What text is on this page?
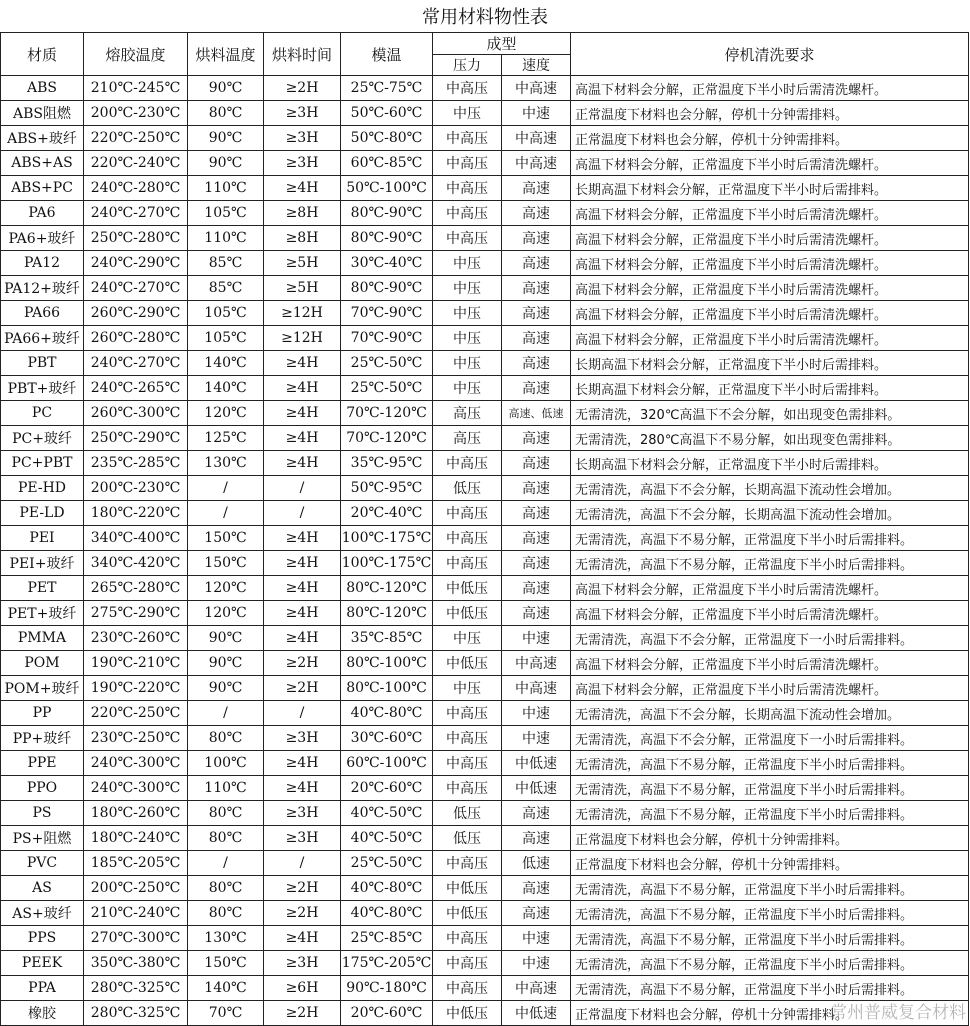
常用材料物性表
材质	熔胶温度	烘料温度	烘料时间	模温	成型		停机清洗要求
					压力	速度	
ABS	210℃-245℃	90℃	≥2H	25℃-75℃	中高压	中高速	高温下材料会分解，正常温度下半小时后需清洗螺杆。
ABS阻燃	200℃-230℃	80℃	≥3H	50℃-60℃	中压	中速	正常温度下材料也会分解，停机十分钟需排料。
ABS+玻纤	220℃-250℃	90℃	≥3H	50℃-80℃	中高压	中高速	正常温度下材料也会分解，停机十分钟需排料。
ABS+AS	220℃-240℃	90℃	≥3H	60℃-85℃	中高压	中高速	高温下材料会分解，正常温度下半小时后需清洗螺杆。
ABS+PC	240℃-280℃	110℃	≥4H	50℃-100℃	中高压	高速	长期高温下材料会分解，正常温度下半小时后需排料。
PA6	240℃-270℃	105℃	≥8H	80℃-90℃	中高压	高速	高温下材料会分解，正常温度下半小时后需清洗螺杆。
PA6+玻纤	250℃-280℃	110℃	≥8H	80℃-90℃	中高压	高速	高温下材料会分解，正常温度下半小时后需清洗螺杆。
PA12	240℃-290℃	85℃	≥5H	30℃-40℃	中压	高速	高温下材料会分解，正常温度下半小时后需清洗螺杆。
PA12+玻纤	240℃-270℃	85℃	≥5H	80℃-90℃	中压	高速	高温下材料会分解，正常温度下半小时后需清洗螺杆。
PA66	260℃-290℃	105℃	≥12H	70℃-90℃	中压	高速	高温下材料会分解，正常温度下半小时后需清洗螺杆。
PA66+玻纤	260℃-280℃	105℃	≥12H	70℃-90℃	中压	高速	高温下材料会分解，正常温度下半小时后需清洗螺杆。
PBT	240℃-270℃	140℃	≥4H	25℃-50℃	中压	高速	长期高温下材料会分解，正常温度下半小时后需排料。
PBT+玻纤	240℃-265℃	140℃	≥4H	25℃-50℃	中压	高速	长期高温下材料会分解，正常温度下半小时后需排料。
PC	260℃-300℃	120℃	≥4H	70℃-120℃	高压	高速、低速	无需清洗，320℃高温下不会分解，如出现变色需排料。
PC+玻纤	250℃-290℃	125℃	≥4H	70℃-120℃	高压	高速	无需清洗，280℃高温下不易分解，如出现变色需排料。
PC+PBT	235℃-285℃	130℃	≥4H	35℃-95℃	中高压	高速	长期高温下材料会分解，正常温度下半小时后需排料。
PE-HD	200℃-230℃	/	/	50℃-95℃	低压	高速	无需清洗，高温下不会分解，长期高温下流动性会增加。
PE-LD	180℃-220℃	/	/	20℃-40℃	中高压	高速	无需清洗，高温下不会分解，长期高温下流动性会增加。
PEI	340℃-400℃	150℃	≥4H	100℃-175℃	中高压	高速	无需清洗，高温下不易分解，正常温度下半小时后需排料。
PEI+玻纤	340℃-420℃	150℃	≥4H	100℃-175℃	中高压	高速	无需清洗，高温下不易分解，正常温度下半小时后需排料。
PET	265℃-280℃	120℃	≥4H	80℃-120℃	中低压	高速	高温下材料会分解，正常温度下半小时后需清洗螺杆。
PET+玻纤	275℃-290℃	120℃	≥4H	80℃-120℃	中低压	高速	高温下材料会分解，正常温度下半小时后需清洗螺杆。
PMMA	230℃-260℃	90℃	≥4H	35℃-85℃	中压	中速	无需清洗，高温下不会分解，正常温度下一小时后需排料。
POM	190℃-210℃	90℃	≥2H	80℃-100℃	中低压	中高速	高温下材料会分解，正常温度下半小时后需清洗螺杆。
POM+玻纤	190℃-220℃	90℃	≥2H	80℃-100℃	中压	中高速	高温下材料会分解，正常温度下半小时后需清洗螺杆。
PP	220℃-250℃	/	/	40℃-80℃	中高压	中速	无需清洗，高温下不会分解，长期高温下流动性会增加。
PP+玻纤	230℃-250℃	80℃	≥3H	30℃-60℃	中高压	中速	无需清洗，高温下不会分解，正常温度下一小时后需排料。
PPE	240℃-300℃	100℃	≥4H	60℃-100℃	中高压	中低速	无需清洗，高温下不易分解，正常温度下半小时后需排料。
PPO	240℃-300℃	110℃	≥4H	20℃-60℃	中高压	中低速	无需清洗，高温下不易分解，正常温度下半小时后需排料。
PS	180℃-260℃	80℃	≥3H	40℃-50℃	低压	高速	无需清洗，高温下不易分解，正常温度下半小时后需排料。
PS+阻燃	180℃-240℃	80℃	≥3H	40℃-50℃	低压	高速	正常温度下材料也会分解，停机十分钟需排料。
PVC	185℃-205℃	/	/	25℃-50℃	中高压	低速	正常温度下材料也会分解，停机十分钟需排料。
AS	200℃-250℃	80℃	≥2H	40℃-80℃	中低压	高速	无需清洗，高温下不易分解，正常温度下半小时后需排料。
AS+玻纤	210℃-240℃	80℃	≥2H	40℃-80℃	中低压	高速	无需清洗，高温下不易分解，正常温度下半小时后需排料。
PPS	270℃-300℃	130℃	≥4H	25℃-85℃	中高压	中速	无需清洗，高温下不易分解，正常温度下半小时后需排料。
PEEK	350℃-380℃	150℃	≥3H	175℃-205℃	中高压	中速	无需清洗，高温下不易分解，正常温度下半小时后需排料。
PPA	280℃-325℃	140℃	≥6H	90℃-180℃	中高压	中高速	无需清洗，高温下不易分解，正常温度下半小时后需排料。
橡胶	280℃-325℃	70℃	≥2H	20℃-60℃	中低压	中低速	正常温度下材料也会分解，停机十分钟需排料。
常州普威复合材料
